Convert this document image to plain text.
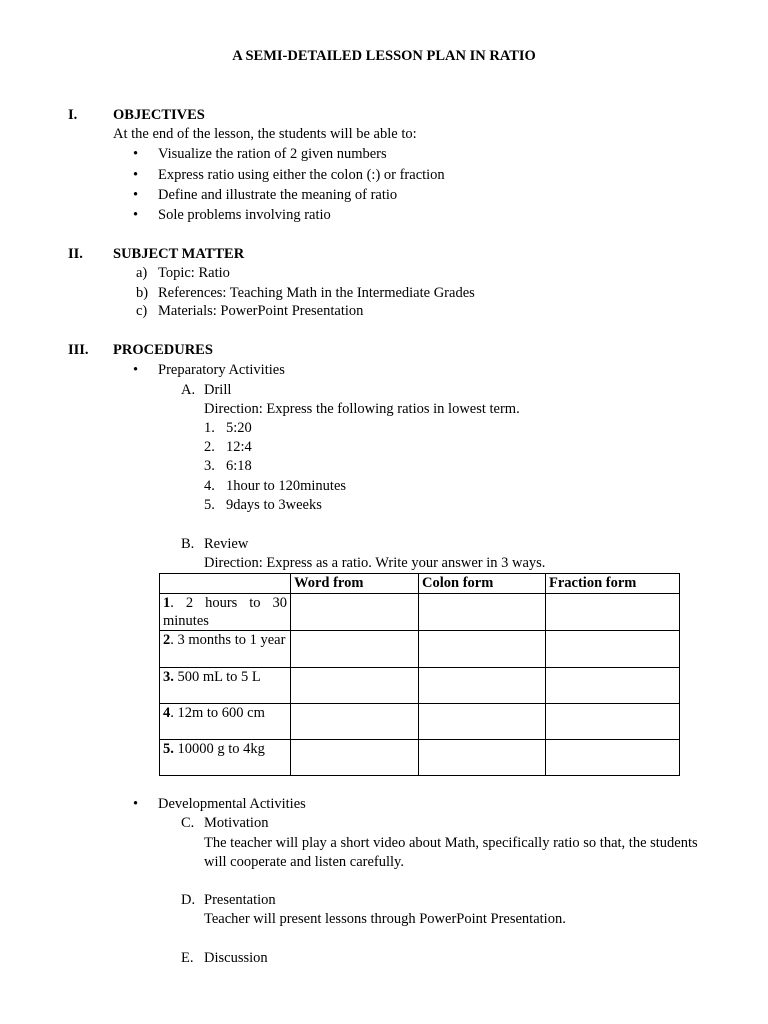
A SEMI-DETAILED LESSON PLAN IN RATIO
I. OBJECTIVES
At the end of the lesson, the students will be able to:
• Visualize the ration of 2 given numbers
• Express ratio using either the colon (:) or fraction
• Define and illustrate the meaning of ratio
• Sole problems involving ratio
II. SUBJECT MATTER
a) Topic: Ratio
b) References: Teaching Math in the Intermediate Grades
c) Materials: PowerPoint Presentation
III. PROCEDURES
• Preparatory Activities
A. Drill
Direction: Express the following ratios in lowest term.
1. 5:20
2. 12:4
3. 6:18
4. 1hour to 120minutes
5. 9days to 3weeks
B. Review
Direction: Express as a ratio. Write your answer in 3 ways.
	Word from	Colon form	Fraction form
1. 2 hours to 30 minutes			
2. 3 months to 1 year			
3. 500 mL to 5 L			
4. 12m to 600 cm			
5. 10000 g to 4kg			
• Developmental Activities
C. Motivation
The teacher will play a short video about Math, specifically ratio so that, the students
will cooperate and listen carefully.
D. Presentation
Teacher will present lessons through PowerPoint Presentation.
E. Discussion
